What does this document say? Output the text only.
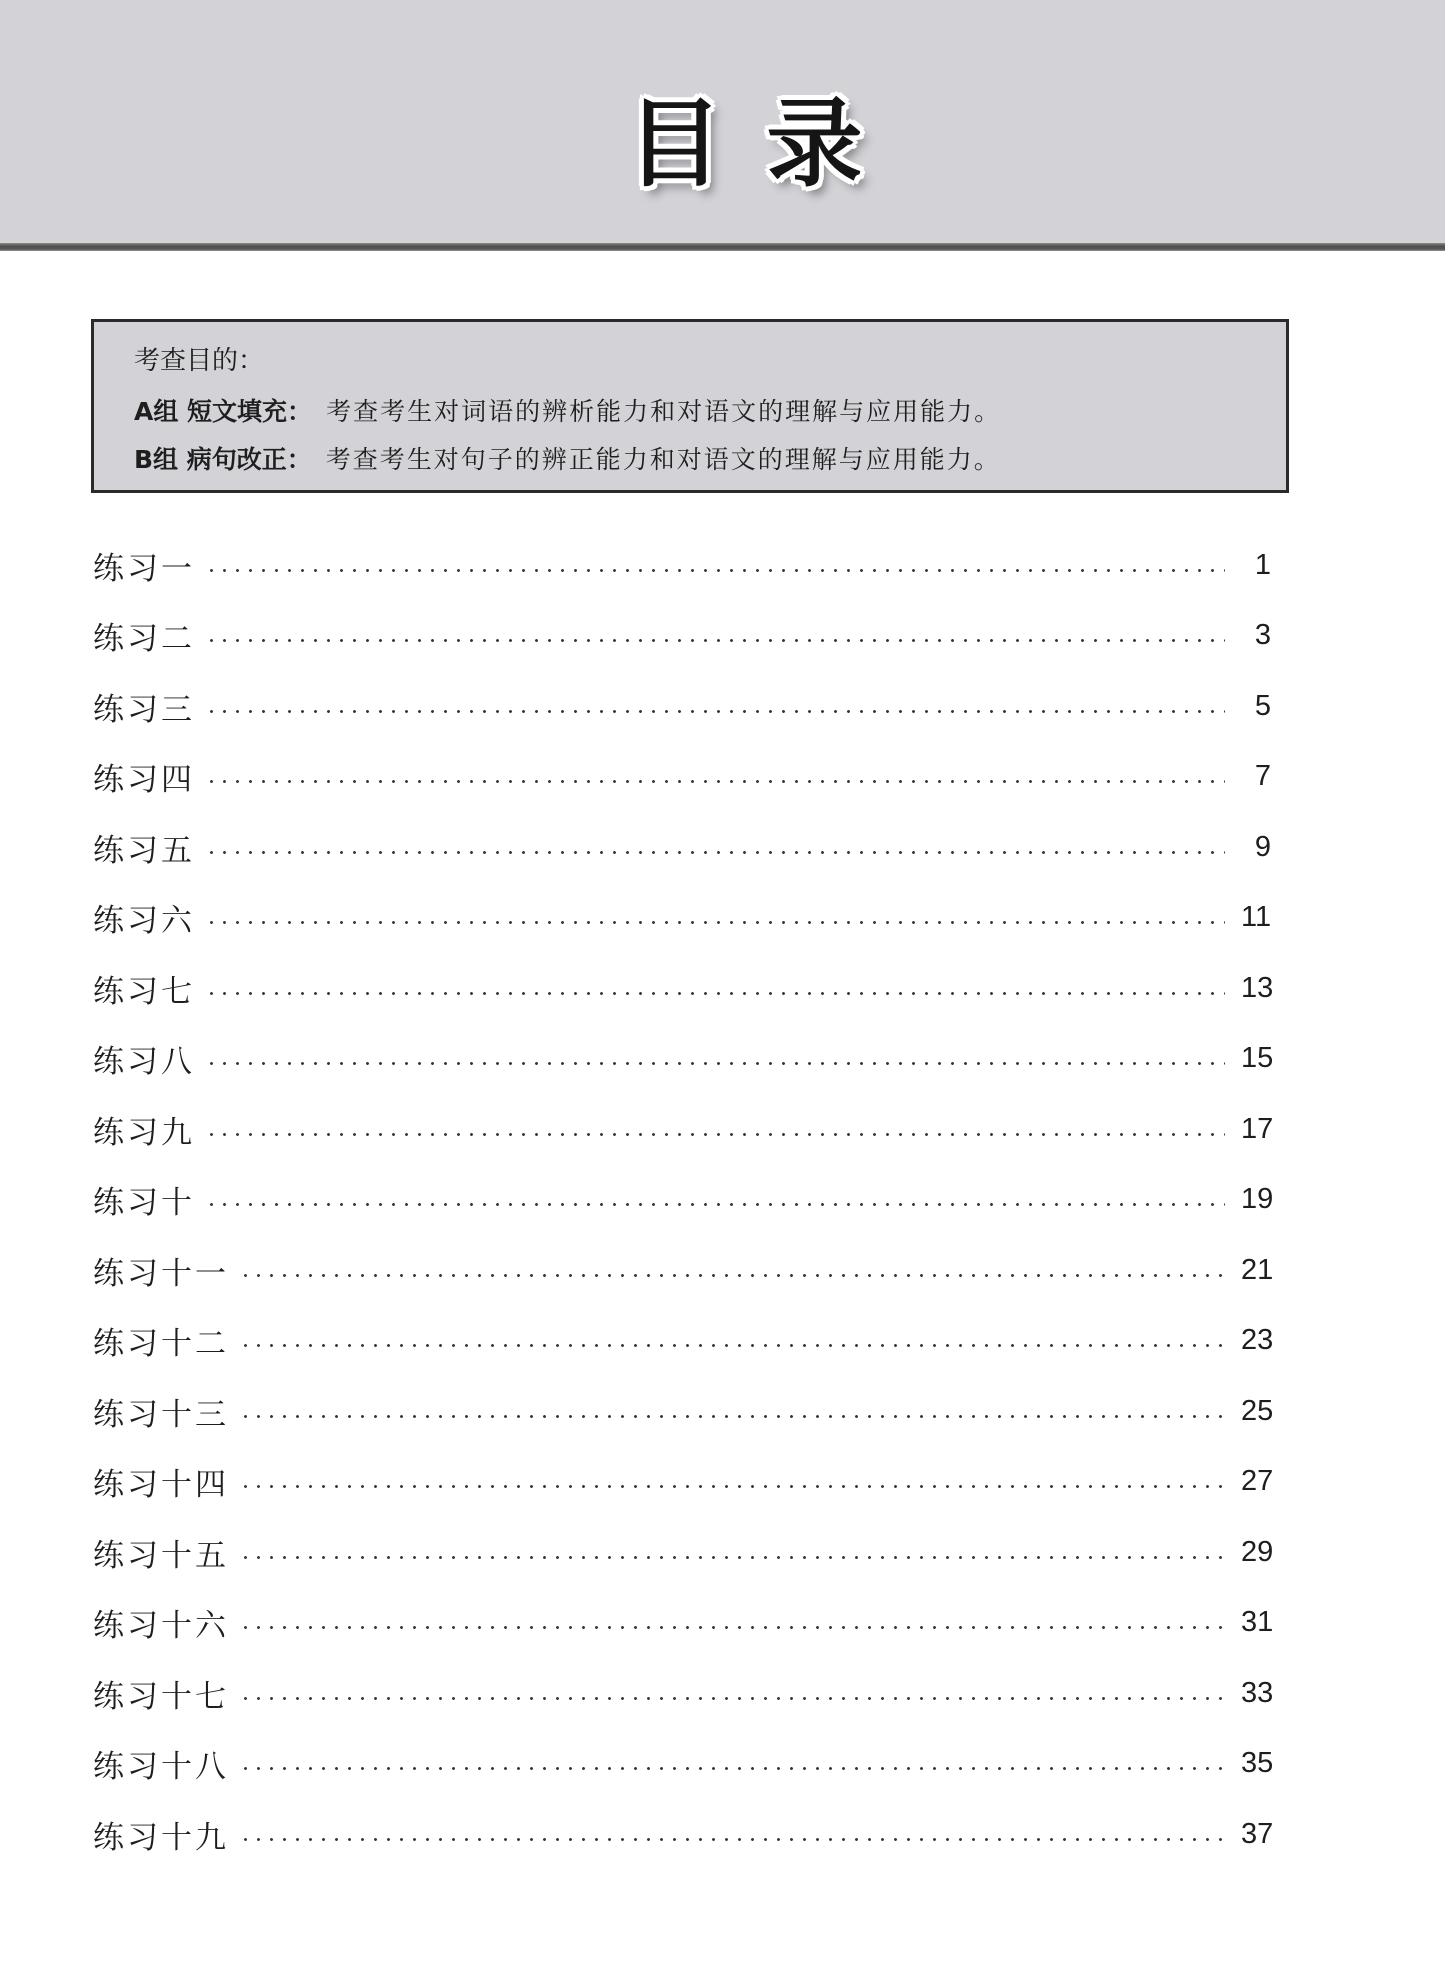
目录
考查目的：
A组 短文填充： 考查考生对词语的辨析能力和对语文的理解与应用能力。
B组 病句改正： 考查考生对句子的辨正能力和对语文的理解与应用能力。
练习一	1
练习二	3
练习三	5
练习四	7
练习五	9
练习六	11
练习七	13
练习八	15
练习九	17
练习十	19
练习十一	21
练习十二	23
练习十三	25
练习十四	27
练习十五	29
练习十六	31
练习十七	33
练习十八	35
练习十九	37
